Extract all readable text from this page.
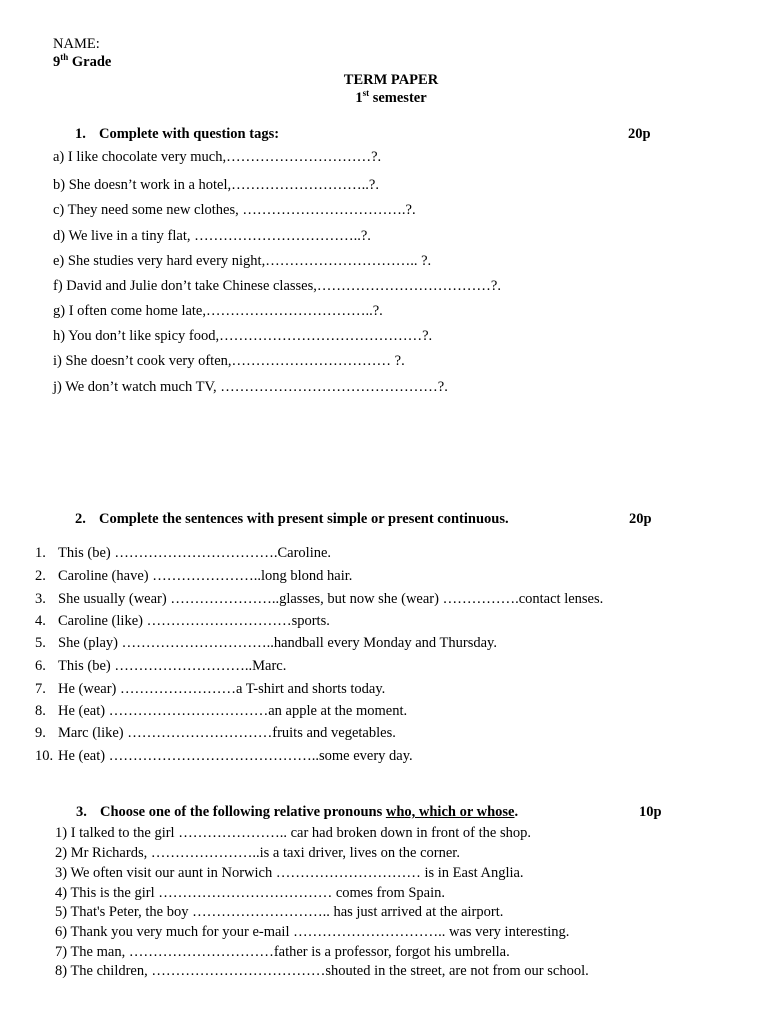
NAME:
9th Grade
TERM PAPER
1st semester
1. Complete with question tags:	20p
a) I like chocolate very much,…………………………?.
b) She doesn’t work in a hotel,………………………..?.
c) They need some new clothes, …………………………….?.
d) We live in a tiny flat, ……………………………..?.
e) She studies very hard every night,………………………….. ?.
f) David and Julie don’t take Chinese classes,………………………………?.
g) I often come home late,……………………………..?.
h) You don’t like spicy food,……………………………………?.
i) She doesn’t cook very often,…………………………… ?.
j) We don’t watch much TV, ………………………………………?.
2. Complete the sentences with present simple or present continuous.	20p
1. This (be) …………………………….Caroline.
2. Caroline (have) …………………..long blond hair.
3. She usually (wear) …………………..glasses, but now she (wear) …………….contact lenses.
4. Caroline (like) …………………………sports.
5. She (play) …………………………..handball every Monday and Thursday.
6. This (be) ………………………..Marc.
7. He (wear) ……………………a T-shirt and shorts today.
8. He (eat) ……………………………an apple at the moment.
9. Marc (like) …………………………fruits and vegetables.
10. He (eat) ……………………………………..some every day.
3. Choose one of the following relative pronouns who, which or whose.	10p
1) I talked to the girl ………………….. car had broken down in front of the shop.
2) Mr Richards, …………………..is a taxi driver, lives on the corner.
3) We often visit our aunt in Norwich ………………………… is in East Anglia.
4) This is the girl ……………………………… comes from Spain.
5) That's Peter, the boy ……………………….. has just arrived at the airport.
6) Thank you very much for your e-mail ………………………….. was very interesting.
7) The man, …………………………father is a professor, forgot his umbrella.
8) The children, ………………………………shouted in the street, are not from our school.
